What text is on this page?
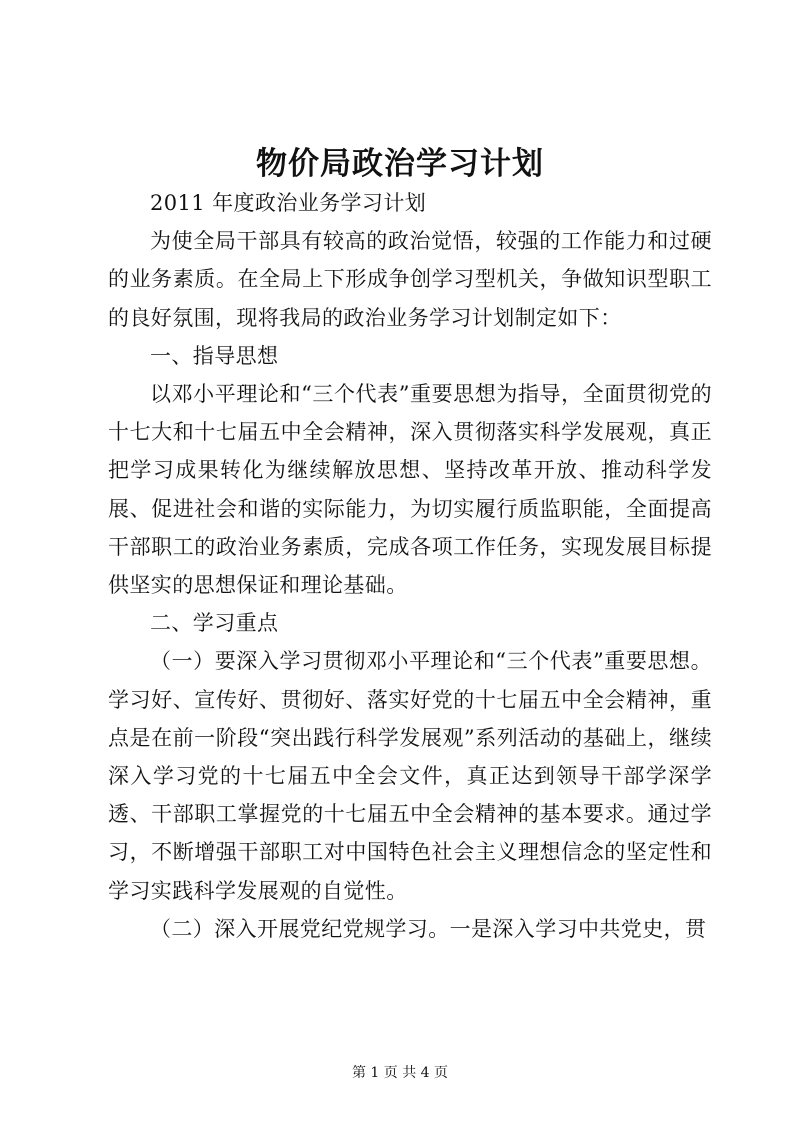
物价局政治学习计划

2011 年度政治业务学习计划

为使全局干部具有较高的政治觉悟，较强的工作能力和过硬的业务素质。在全局上下形成争创学习型机关，争做知识型职工的良好氛围，现将我局的政治业务学习计划制定如下：

一、指导思想

以邓小平理论和“三个代表”重要思想为指导，全面贯彻党的十七大和十七届五中全会精神，深入贯彻落实科学发展观，真正把学习成果转化为继续解放思想、坚持改革开放、推动科学发展、促进社会和谐的实际能力，为切实履行质监职能，全面提高干部职工的政治业务素质，完成各项工作任务，实现发展目标提供坚实的思想保证和理论基础。

二、学习重点

（一）要深入学习贯彻邓小平理论和“三个代表”重要思想。学习好、宣传好、贯彻好、落实好党的十七届五中全会精神，重点是在前一阶段“突出践行科学发展观”系列活动的基础上，继续深入学习党的十七届五中全会文件，真正达到领导干部学深学透、干部职工掌握党的十七届五中全会精神的基本要求。通过学习，不断增强干部职工对中国特色社会主义理想信念的坚定性和学习实践科学发展观的自觉性。

（二）深入开展党纪党规学习。一是深入学习中共党史，贯

第 1 页 共 4 页
